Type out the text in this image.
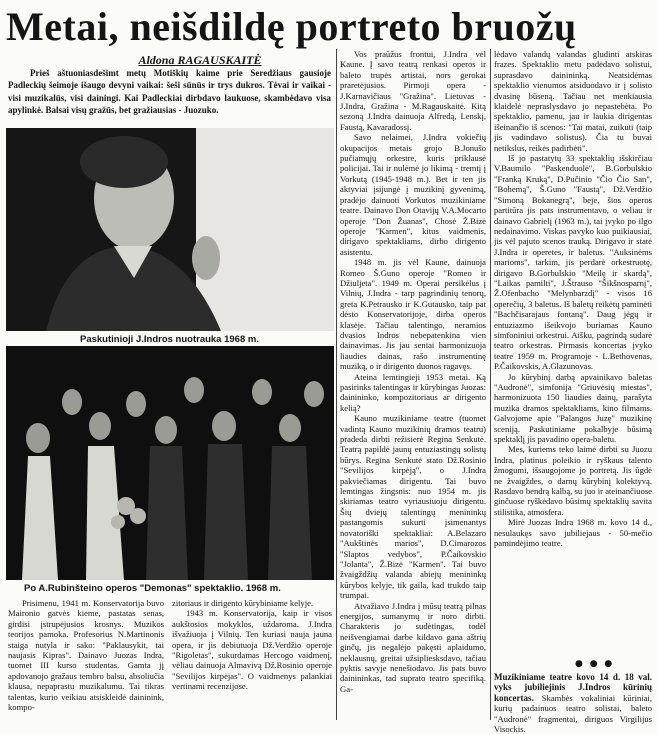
Metai, neišdildę portreto bruožų

Aldona RAGAUSKAITĖ

Prieš aštuoniasdešimt metų Motiškių kaime prie Seredžiaus gausioje Padleckių šeimoje išaugo devyni vaikai: šeši sūnūs ir trys dukros. Tėvai ir vaikai - visi muzikalūs, visi dainingi. Kai Padleckiai dirbdavo laukuose, skambėdavo visa apylinkė. Balsai visų gražūs, bet gražiausias - Juozuko.

Paskutinioji J.Indros nuotrauka 1968 m.

Po A.Rubinšteino operos "Demonas" spektaklio. 1968 m.

Prisimenu, 1941 m. Konservatorija buvo Maironio gatvės kieme, pastatas senas, girdisi įstrupėjusios krosnys. Muzikos teorijos pamoka. Profesorius N.Martinonis staiga nutyla ir sako: "Paklausykit, tai naujasis Kipras". Dainavo Juozas Indra, tuomet III kurso studentas. Gamta jį apdovanojo gražaus tembro balsu, absoliučia klausa, nepaprastu muzikalumu. Tai tikras talentas, kurio veikiau atsiskleidė daininink, kompo-

zitoriaus ir dirigento kūrybiniame kelyje.

1943 m. Konservatorija, kaip ir visos aukštosios mokyklos, uždaroma. J.Indra išvažiuoja į Vilnių. Ten kuriasi nauja jauna opera, ir jis debiutuoja Dž.Verdžio operoje "Rigoletas", sukurdamas Hercogo vaidmenį, vėliau dainuoja Almavivą Dž.Rosinio operoje "Sevilijos kirpėjas". O vaidmenys palankiai vertinami recenzijose.

Vos praūžus frontui, J.Indra vėl Kaune. Į savo teatrą renkasi operos ir baleto trupės artistai, nors gerokai praretėjusios. Pirmoji opera - J.Karnavičiaus "Gražina". Lietuvas - J.Indra, Gražina - M.Ragauskaitė. Kitą sezoną J.Indra dainuoja Alfredą, Lenskį, Faustą, Kavaradossį.

Savo nelaimei, J.Indra vokiečių okupacijos metais grojo B.Jonušo pučiamųjų orkestre, kuris priklausė policijai. Tai ir nulėmė jo likimą - tremtį į Vorkutą (1945-1948 m.). Bet ir ten jis aktyviai įsijungė į muzikinį gyvenimą, pradėjo dainuoti Vorkutos muzikiniame teatre. Dainavo Don Otavijų V.A.Mocarto operoje "Don Žuanas", Chosė Ž.Bizė operoje "Karmen", kitus vaidmenis, dirigavo spektakliams, dirbo dirigento asistentu.

1948 m. jis vėl Kaune, dainuoja Romeo Š.Guno operoje "Romeo ir Džiuljeta". 1949 m. Operai persikėlus į Vilnių, J.Indra - tarp pagrindinių tenorų, greta K.Petrausko ir K.Gutausko, taip pat dėsto Konservatorijoje, dirba operos klasėje. Tačiau talentingo, neramios dvasios Indros nebepatenkina vien dainavimas. Jis jau seniai harmonizuoja liaudies dainas, rašo instrumentinę muziką, o ir dirigento duonos ragavęs.

Ateina lemtingieji 1953 metai. Ką pasirinks talentingas ir kūrybingas Juozas: dainininko, kompozitoriaus ar dirigento kelią?

Kauno muzikiniame teatre (tuomet vadintą Kauno muzikinių dramos teatru) pradeda dirbti režisierė Regina Senkutė. Teatrą papildė jaunų entuziastingų solistų būrys. Regina Senkutė stato Dž.Rosinio "Sevilijos kirpėją", o J.Indra pakviečiamas dirigentu. Tai buvo lemtingas žingsnis: nuo 1954 m. jis skiriamas teatro vyriausiuoju dirigentu. Šių dviejų talentingų menininkų pastangomis sukurti įsimenantys novatoriški spektakliai: A.Belazaro "Aukštinės marios", D.Cimarozos "Slaptos vedybos", P.Čaikovskio "Jolanta", Ž.Bizė "Karmen". Tai buvo žvaigždžių valanda abiejų menininkų kūrybos kelyje, tik gaila, kad trukdo taip trumpai.

Atvažiavo J.Indra į mūsų teatrą pilnas energijos, sumanymų ir noro dirbti. Charakteris jo sudėtingas, todėl neišvengiamai darbe kildavo gana aštrių ginčų, jis negalėjo pakęsti aplaidumo, neklausnų, greitai užsipliesksdavo, tačiau pyktis savyje nenešiodavo. Jis pats buvo dainininkas, tad suprato teatro specifiką. Ga-

lėdavo valandų valandas gludinti atskiras frazes. Spektaklio metu padėdavo solistui, suprasdavo dainininką. Neatsidėmas spektaklio vienumos atsiduodavo ir į solisto dvasinę būseną. Tačiau net menkiausia klaidelė nepraslysdavo jo nepastebėta. Po spektaklio, pamenu, jau ir laukia dirigentas išeinančio iš scenos: "Tai matai, zuikuti (taip jis vadindavo solistus). Čia tu buvai netikslus, reikės padirbėti".

Iš jo pastatytų 33 spektaklių išskirčiau V.Baumilo "Paskenduolė", B.Gorbulskio "Franką Kruką", D.Pučinio "Čio Čio San", "Bohemą", Š.Guno "Faustą", Dž.Verdžio "Simoną Bokanegrą", beje, šios operos partitūra jis pats instrumentavo, o veliau ir dainavo Gabrielį (1963 m.), tai įvyko po ilgo nedainavimo. Viskas pavyko kuo puikiausiai, jis vėl pajuto scenos trauką. Dirigavo ir statė J.Indra ir operetes, ir baletus. "Auksinėms marioms", tarkim, jis perdarė orkestruotę, dirigavo B.Gorbulskio "Meilę ir skardą", "Laikas pamilti", J.Štrauso "Šikšnosparnį", Ž.Ofenbacho "Melynbarzdį" - visos 16 operečių, 3 baletus. Iš baletų reikėtų paminėti "Bachčisarajaus fontaną". Daug jėgų ir entuziazmo išeikvojo buriamas Kauno simfoniniui orkestrui. Aišku, pagrindą sudarė teatro orkestras. Pirmasis koncertas įvyko teatre 1959 m. Programoje - L.Bethovenas, P.Čaikovskis, A.Glazunovas.

Jo kūrybinį darbą apvainikavo baletas "Audronė", simfonija "Griuvėsių miestas", harmonizuota 150 liaudies dainų, parašyta muzika dramos spektakliams, kino filmams. Galvojome apie "Palangos Juzę" muzikinę sceniją. Paskutiniame pokalbyje būsimą spektaklį jis pavadino opera-baletu.

Mes, kuriems teko laimė dirbti su Juozu Indra, platinus poleikio ir ryškaus talento žmogumi, išsaugojome jo portretą. Jis ūgdė ne žvaigždes, o darnų kūrybinį kolektyvą. Rasdavo bendrą kalbą, su juo ir ateinančiuose ginčuose ryškėdavo būsimų spektaklių savita stilistika, atmosfera.

Mirė Juozas Indra 1968 m. kovo 14 d., nesulaukęs savo jubiliejaus - 50-mečio pamindėjimo teatre.

● ● ●

Muzikiniame teatre kovo 14 d. 18 val. vyks jubiliejinis J.Indros kūrinių koncertas. Skambės vokaliniai kūriniai, kurių padainuos teatro solistai, baleto "Audronė" fragmentai, diriguos Virgilijus Visockis.
